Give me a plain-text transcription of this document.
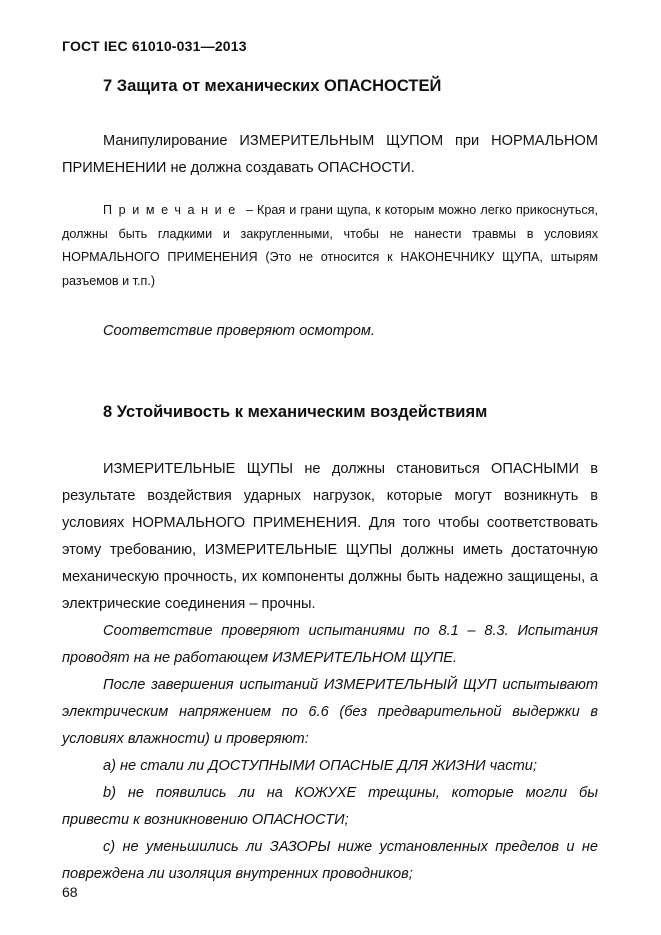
ГОСТ IEC 61010-031—2013
7 Защита от механических ОПАСНОСТЕЙ

Манипулирование ИЗМЕРИТЕЛЬНЫМ ЩУПОМ при НОРМАЛЬНОМ ПРИМЕНЕНИИ не должна создавать ОПАСНОСТИ.

Примечание – Края и грани щупа, к которым можно легко прикоснуться, должны быть гладкими и закругленными, чтобы не нанести травмы в условиях НОРМАЛЬНОГО ПРИМЕНЕНИЯ (Это не относится к НАКОНЕЧНИКУ ЩУПА, штырям разъемов и т.п.)

Соответствие проверяют осмотром.

8 Устойчивость к механическим воздействиям

ИЗМЕРИТЕЛЬНЫЕ ЩУПЫ не должны становиться ОПАСНЫМИ в результате воздействия ударных нагрузок, которые могут возникнуть в условиях НОРМАЛЬНОГО ПРИМЕНЕНИЯ. Для того чтобы соответствовать этому требованию, ИЗМЕРИТЕЛЬНЫЕ ЩУПЫ должны иметь достаточную механическую прочность, их компоненты должны быть надежно защищены, а электрические соединения – прочны.

Соответствие проверяют испытаниями по 8.1 – 8.3. Испытания проводят на не работающем ИЗМЕРИТЕЛЬНОМ ЩУПЕ.

После завершения испытаний ИЗМЕРИТЕЛЬНЫЙ ЩУП испытывают электрическим напряжением по 6.6 (без предварительной выдержки в условиях влажности) и проверяют:

a) не стали ли ДОСТУПНЫМИ ОПАСНЫЕ ДЛЯ ЖИЗНИ части;

b) не появились ли на КОЖУХЕ трещины, которые могли бы привести к возникновению ОПАСНОСТИ;

c) не уменьшились ли ЗАЗОРЫ ниже установленных пределов и не повреждена ли изоляция внутренних проводников;

68
